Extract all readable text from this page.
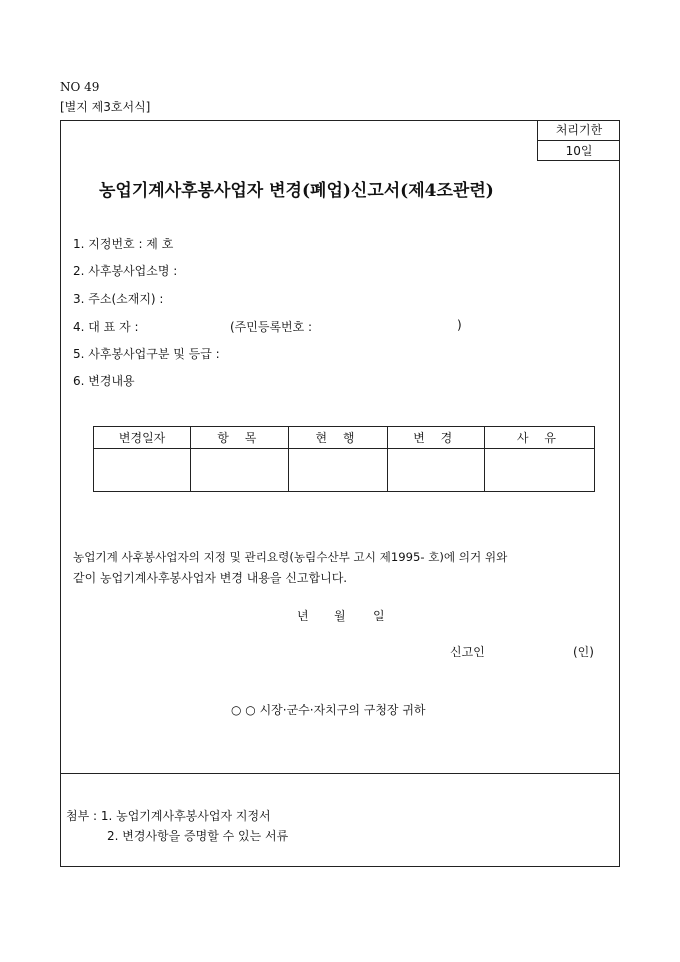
NO 49
[별지 제3호서식]
처리기한
10일
농업기계사후봉사업자 변경(폐업)신고서(제4조관련)
1. 지정번호 : 제 호
2. 사후봉사업소명 :
3. 주소(소재지) :
4. 대 표 자 :	(주민등록번호 :	)
5. 사후봉사업구분 및 등급 :
6. 변경내용
변경일자	항 목	현 행	변 경	사 유

농업기계 사후봉사업자의 지정 및 관리요령(농림수산부 고시 제1995- 호)에 의거 위와
같이 농업기계사후봉사업자 변경 내용을 신고합니다.
년 월 일
신고인	(인)
○ ○ 시장·군수·자치구의 구청장 귀하
첨부 : 1. 농업기계사후봉사업자 지정서
2. 변경사항을 증명할 수 있는 서류
